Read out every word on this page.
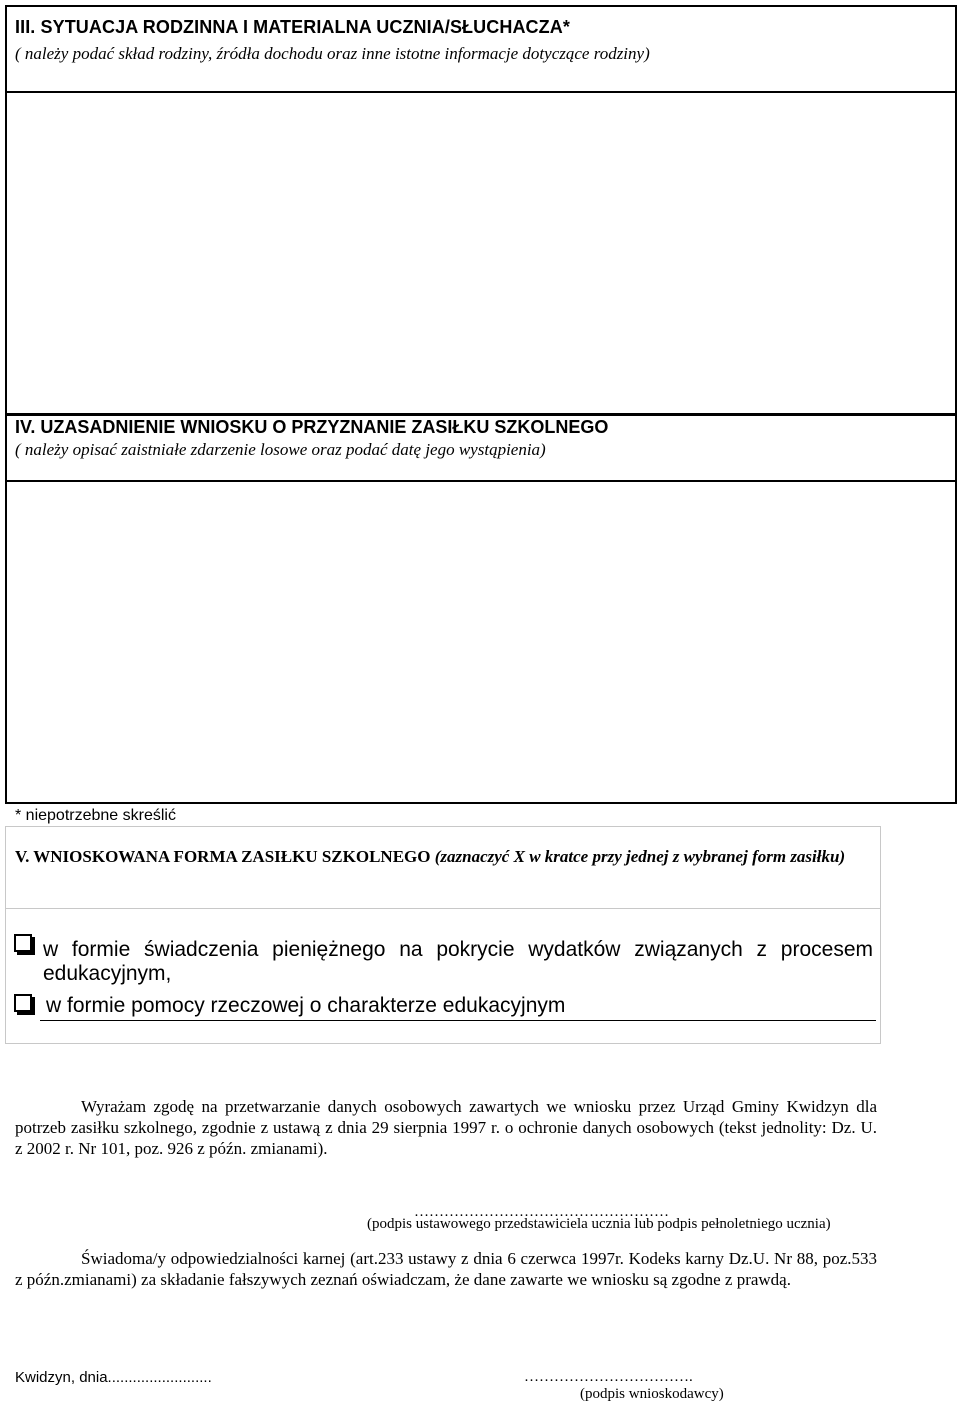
III. SYTUACJA RODZINNA I MATERIALNA UCZNIA/SŁUCHACZA*
( należy podać skład rodziny, źródła dochodu oraz inne istotne informacje dotyczące rodziny)
IV. UZASADNIENIE WNIOSKU O PRZYZNANIE ZASIŁKU SZKOLNEGO
( należy opisać zaistniałe zdarzenie losowe oraz podać datę jego wystąpienia)
* niepotrzebne skreślić
V. WNIOSKOWANA FORMA ZASIŁKU SZKOLNEGO (zaznaczyć X w kratce przy jednej z wybranej form zasiłku)
w formie świadczenia pieniężnego na pokrycie wydatków związanych z procesem edukacyjnym,
w formie pomocy rzeczowej o charakterze edukacyjnym
Wyrażam zgodę na przetwarzanie danych osobowych zawartych we wniosku przez Urząd Gminy Kwidzyn dla potrzeb zasiłku szkolnego, zgodnie z ustawą z dnia 29 sierpnia 1997 r. o ochronie danych osobowych (tekst jednolity: Dz. U. z 2002 r. Nr 101, poz. 926 z późn. zmianami).
……………………………………………
(podpis ustawowego przedstawiciela ucznia lub podpis pełnoletniego ucznia)
Świadoma/y odpowiedzialności karnej (art.233 ustawy z dnia 6 czerwca 1997r. Kodeks karny Dz.U. Nr 88, poz.533 z późn.zmianami) za składanie fałszywych zeznań oświadczam, że dane zawarte we wniosku są zgodne z prawdą.
Kwidzyn, dnia.........................	…………………………….
(podpis wnioskodawcy)
